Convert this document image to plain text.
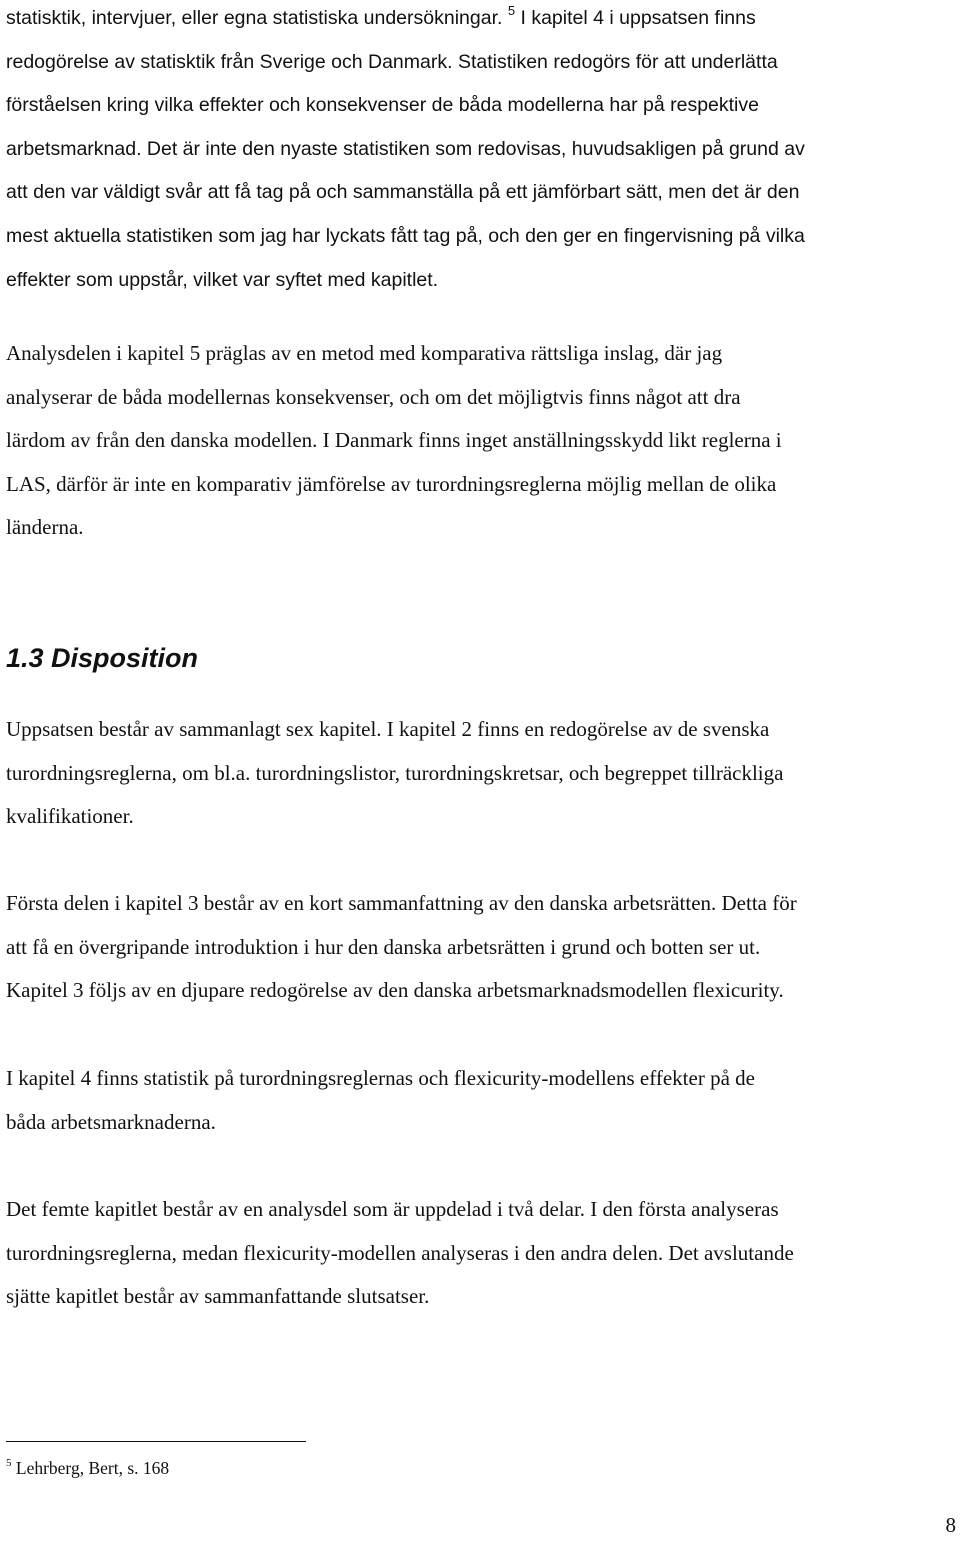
statisktik, intervjuer, eller egna statistiska undersökningar. $^5$ I kapitel 4 i uppsatsen finns
redogörelse av statisktik från Sverige och Danmark. Statistiken redogörs för att underlätta
förståelsen kring vilka effekter och konsekvenser de båda modellerna har på respektive
arbetsmarknad. Det är inte den nyaste statistiken som redovisas, huvudsakligen på grund av
att den var väldigt svår att få tag på och sammanställa på ett jämförbart sätt, men det är den
mest aktuella statistiken som jag har lyckats fått tag på, och den ger en fingervisning på vilka
effekter som uppstår, vilket var syftet med kapitlet.

Analysdelen i kapitel 5 präglas av en metod med komparativa rättsliga inslag, där jag
analyserar de båda modellernas konsekvenser, och om det möjligtvis finns något att dra
lärdom av från den danska modellen. I Danmark finns inget anställningsskydd likt reglerna i
LAS, därför är inte en komparativ jämförelse av turordningsreglerna möjlig mellan de olika
länderna.

1.3 Disposition

Uppsatsen består av sammanlagt sex kapitel. I kapitel 2 finns en redogörelse av de svenska
turordningsreglerna, om bl.a. turordningslistor, turordningskretsar, och begreppet tillräckliga
kvalifikationer.

Första delen i kapitel 3 består av en kort sammanfattning av den danska arbetsrätten. Detta för
att få en övergripande introduktion i hur den danska arbetsrätten i grund och botten ser ut.
Kapitel 3 följs av en djupare redogörelse av den danska arbetsmarknadsmodellen flexicurity.

I kapitel 4 finns statistik på turordningsreglernas och flexicurity-modellens effekter på de
båda arbetsmarknaderna.

Det femte kapitlet består av en analysdel som är uppdelad i två delar. I den första analyseras
turordningsreglerna, medan flexicurity-modellen analyseras i den andra delen. Det avslutande
sjätte kapitlet består av sammanfattande slutsatser.

$^5$ Lehrberg, Bert, s. 168

8
